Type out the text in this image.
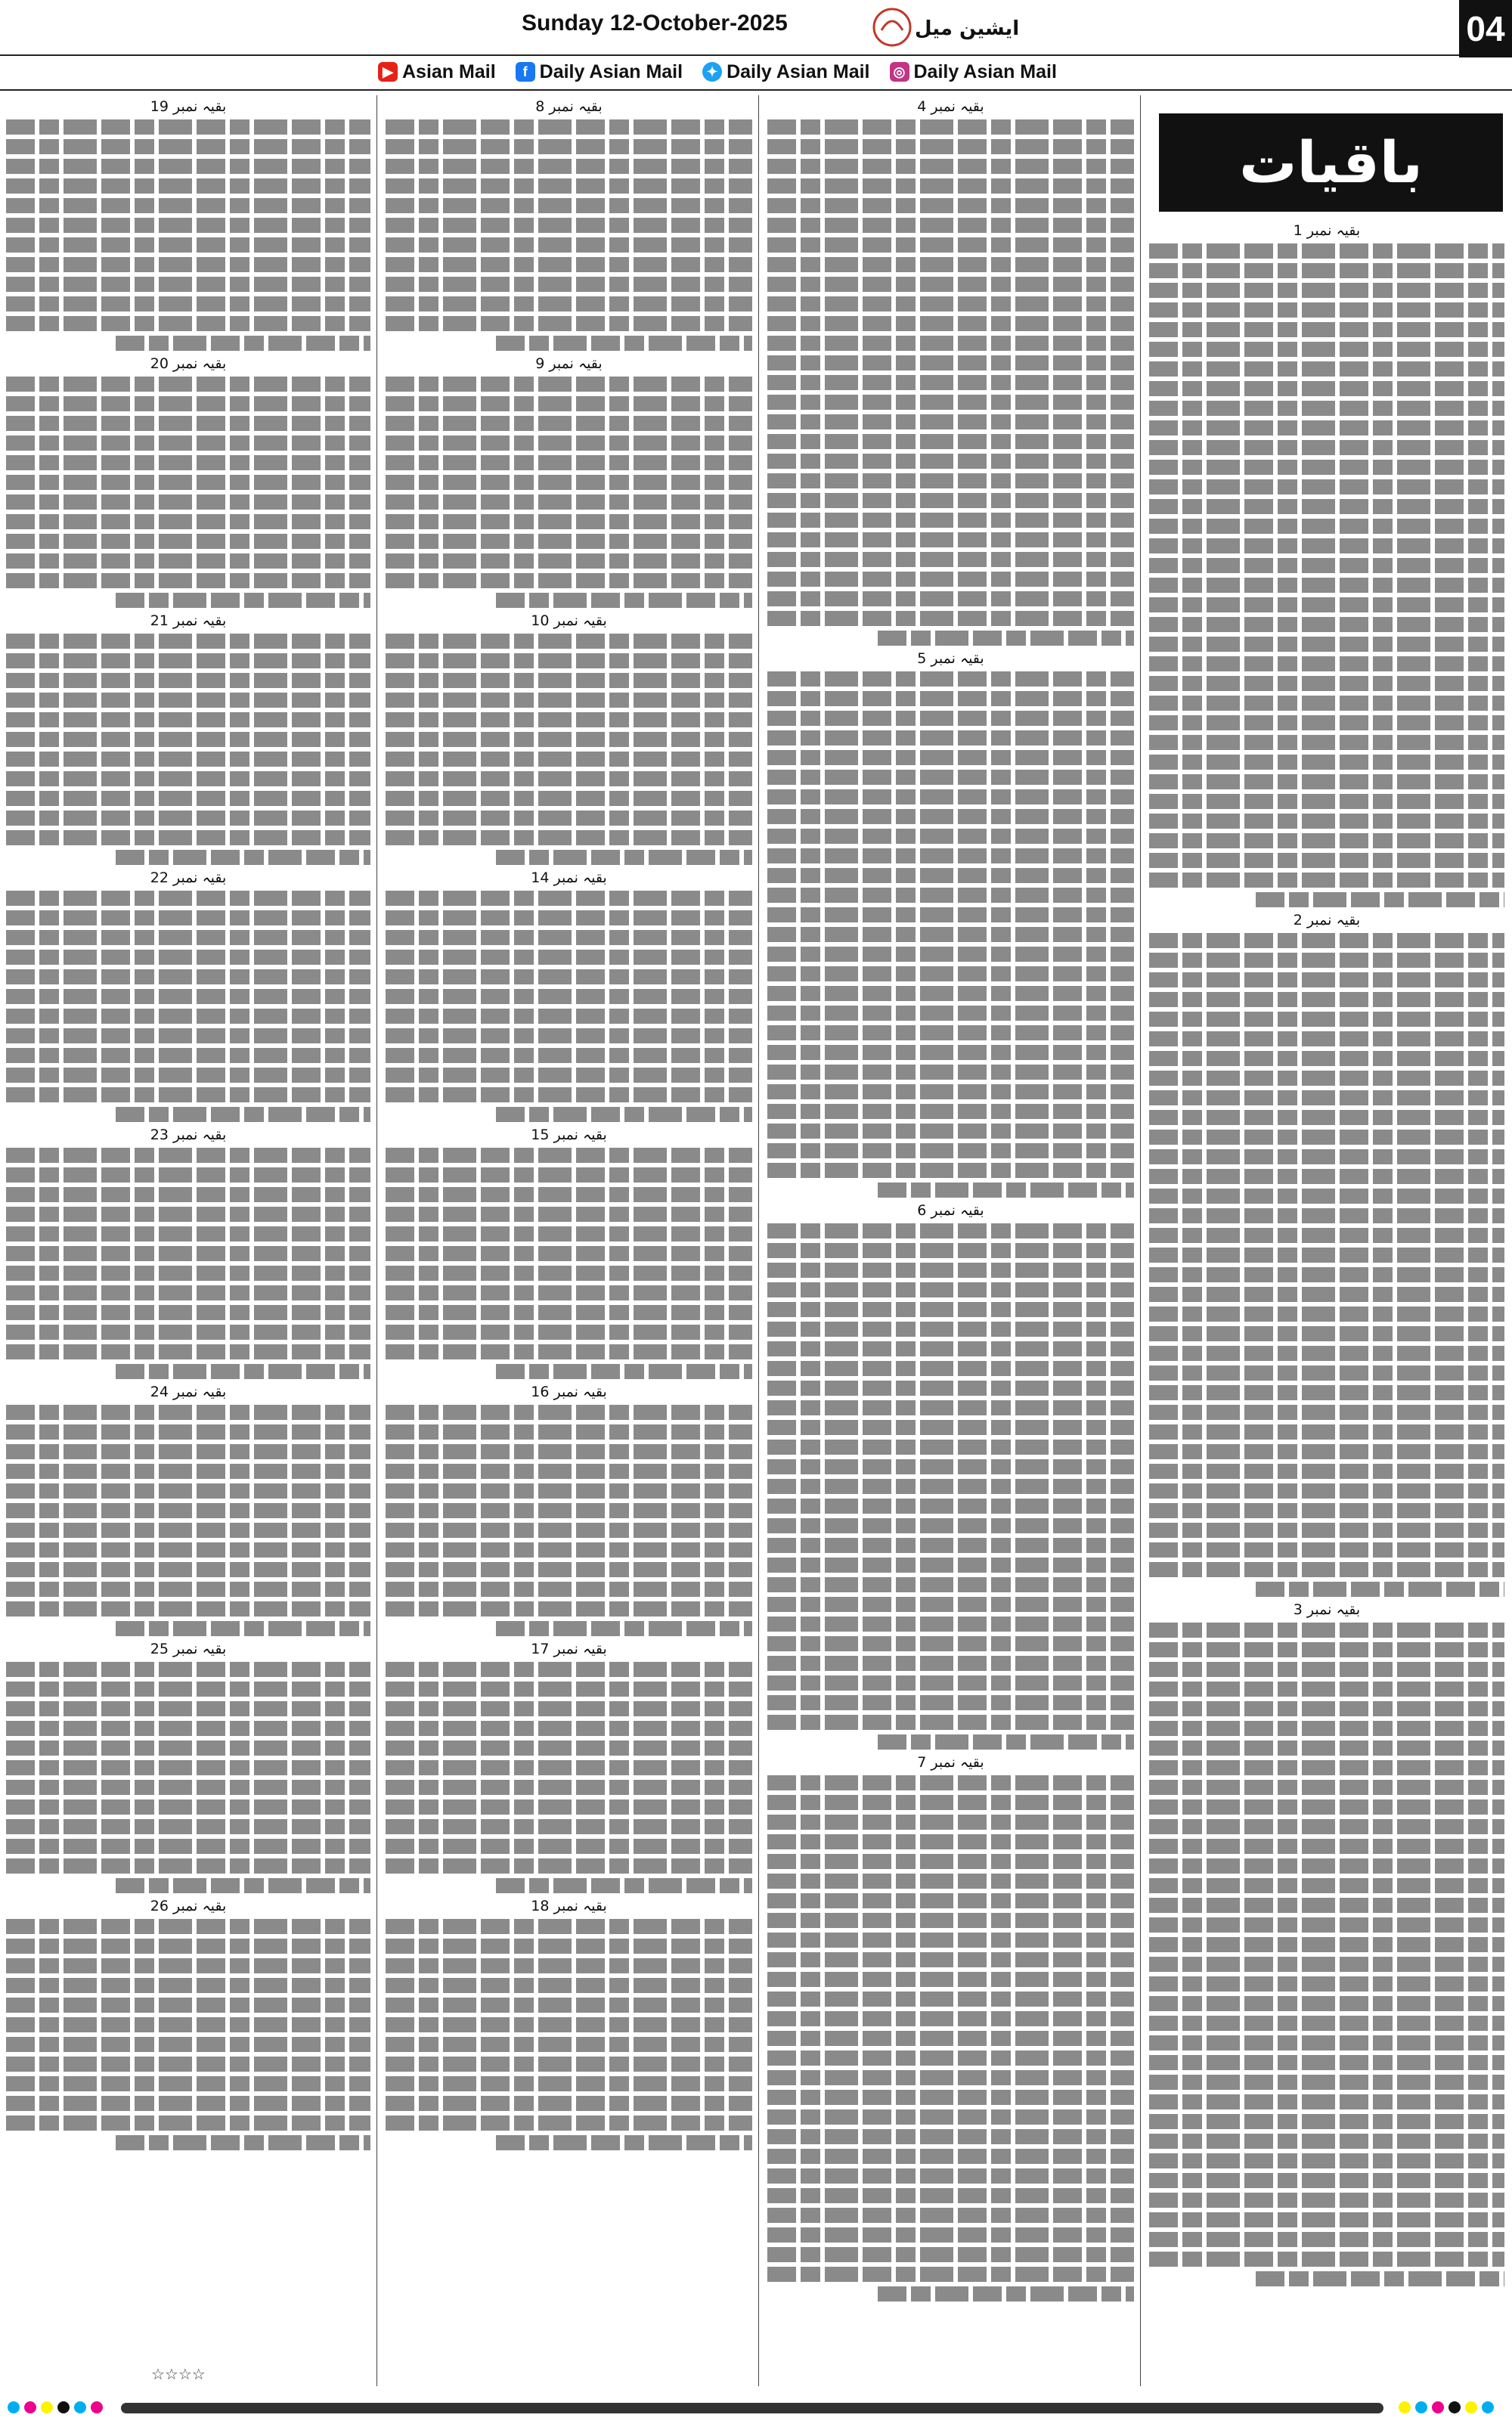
Sunday 12-October-2025	ایشین میل	04
▶ Asian Mail	f Daily Asian Mail	✦ Daily Asian Mail ◎ Daily Asian Mail
باقیات
بقیہ نمبر 1
بقیہ نمبر 2
بقیہ نمبر 3
بقیہ نمبر 4
بقیہ نمبر 5
بقیہ نمبر 6
بقیہ نمبر 7
بقیہ نمبر 8
بقیہ نمبر 9
بقیہ نمبر 10
بقیہ نمبر 14
بقیہ نمبر 15
بقیہ نمبر 16
بقیہ نمبر 17
بقیہ نمبر 18
بقیہ نمبر 19
بقیہ نمبر 20
بقیہ نمبر 21
بقیہ نمبر 22
بقیہ نمبر 23
بقیہ نمبر 24
بقیہ نمبر 25
بقیہ نمبر 26
☆☆☆☆
